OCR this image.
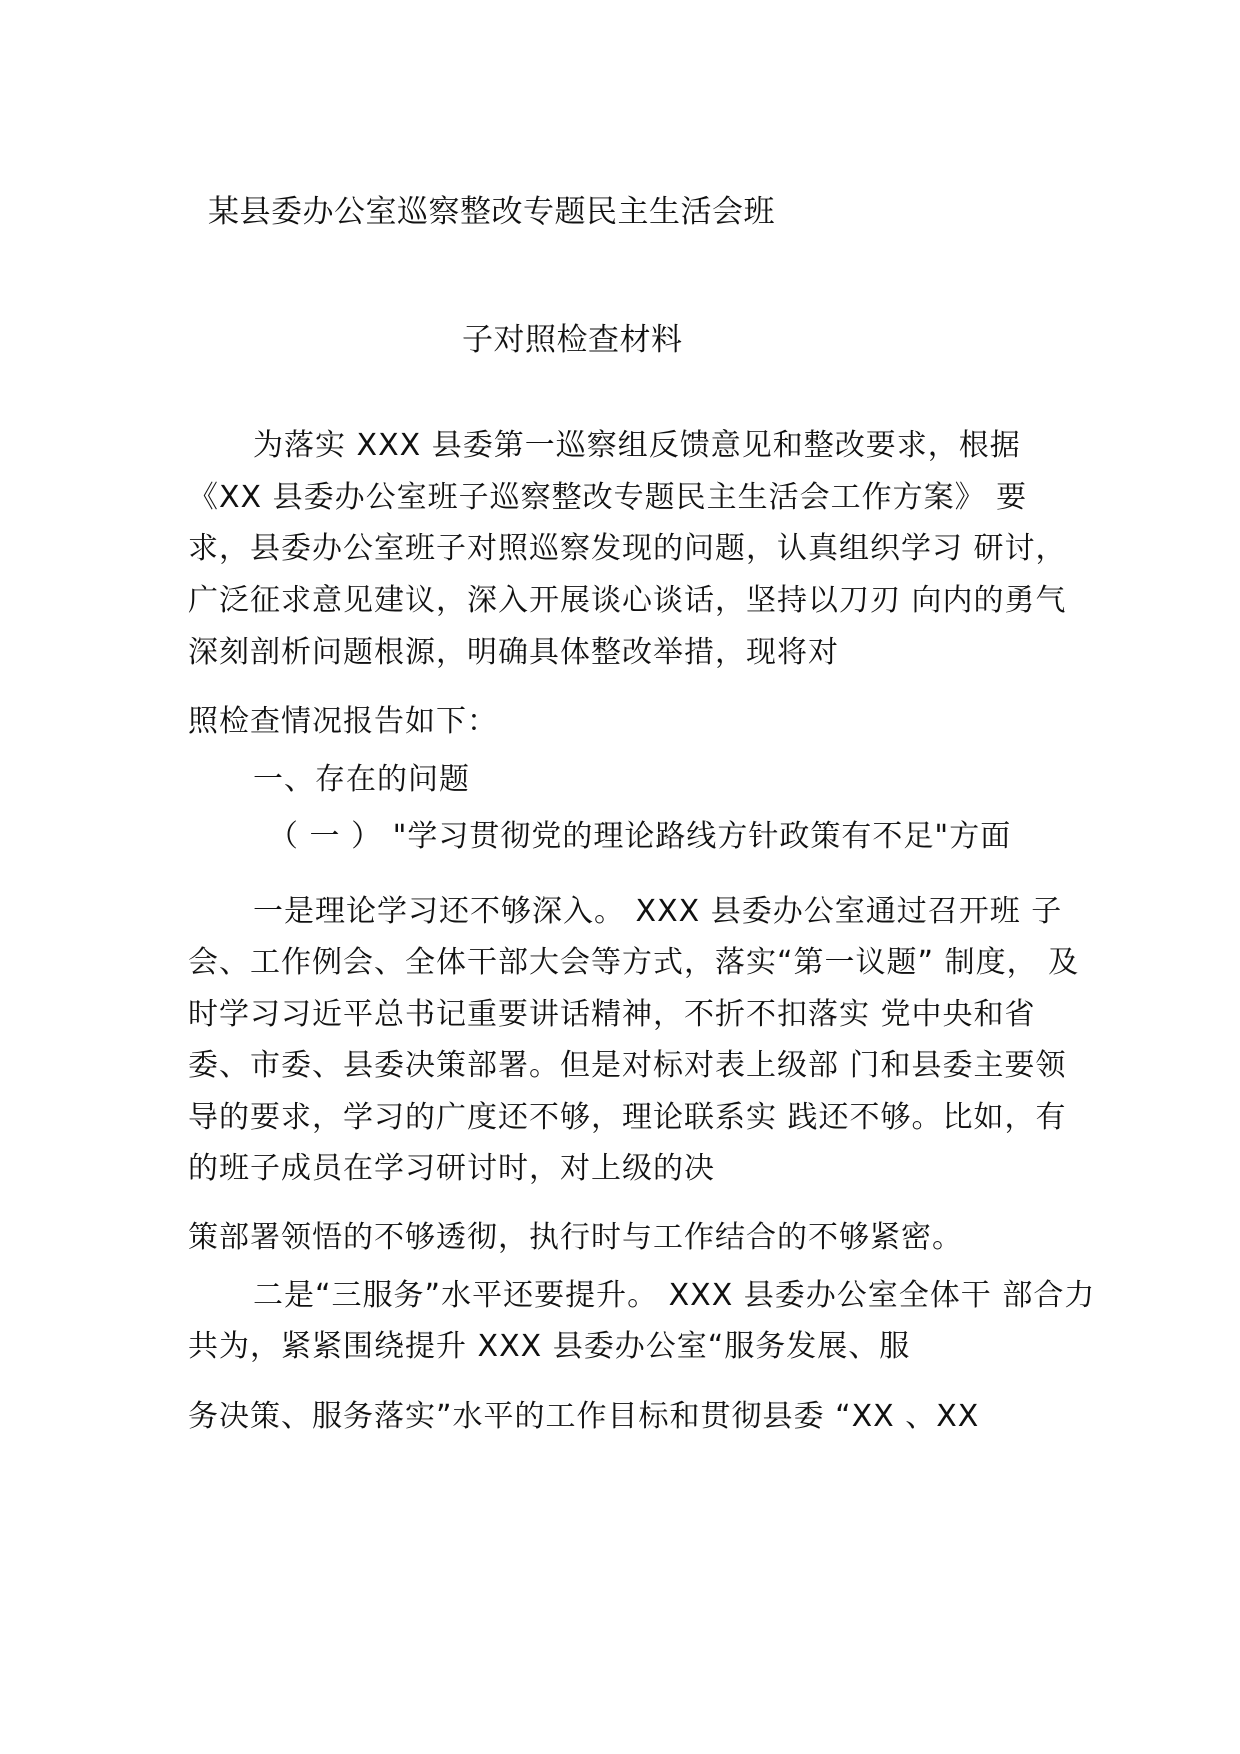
某县委办公室巡察整改专题民主生活会班
子对照检查材料
为落实 XXX 县委第一巡察组反馈意见和整改要求，根据
《XX 县委办公室班子巡察整改专题民主生活会工作方案》 要
求，县委办公室班子对照巡察发现的问题，认真组织学习 研讨，
广泛征求意见建议，深入开展谈心谈话，坚持以刀刃 向内的勇气
深刻剖析问题根源，明确具体整改举措，现将对
照检查情况报告如下：
一、存在的问题
（ 一 ） "学习贯彻党的理论路线方针政策有不足"方面
一是理论学习还不够深入。 XXX 县委办公室通过召开班 子
会、工作例会、全体干部大会等方式，落实“第一议题” 制度， 及
时学习习近平总书记重要讲话精神，不折不扣落实 党中央和省
委、市委、县委决策部署。但是对标对表上级部 门和县委主要领
导的要求，学习的广度还不够，理论联系实 践还不够。比如，有
的班子成员在学习研讨时，对上级的决
策部署领悟的不够透彻，执行时与工作结合的不够紧密。
二是“三服务”水平还要提升。 XXX 县委办公室全体干 部合力
共为，紧紧围绕提升 XXX 县委办公室“服务发展、服
务决策、服务落实”水平的工作目标和贯彻县委 “XX 、XX
